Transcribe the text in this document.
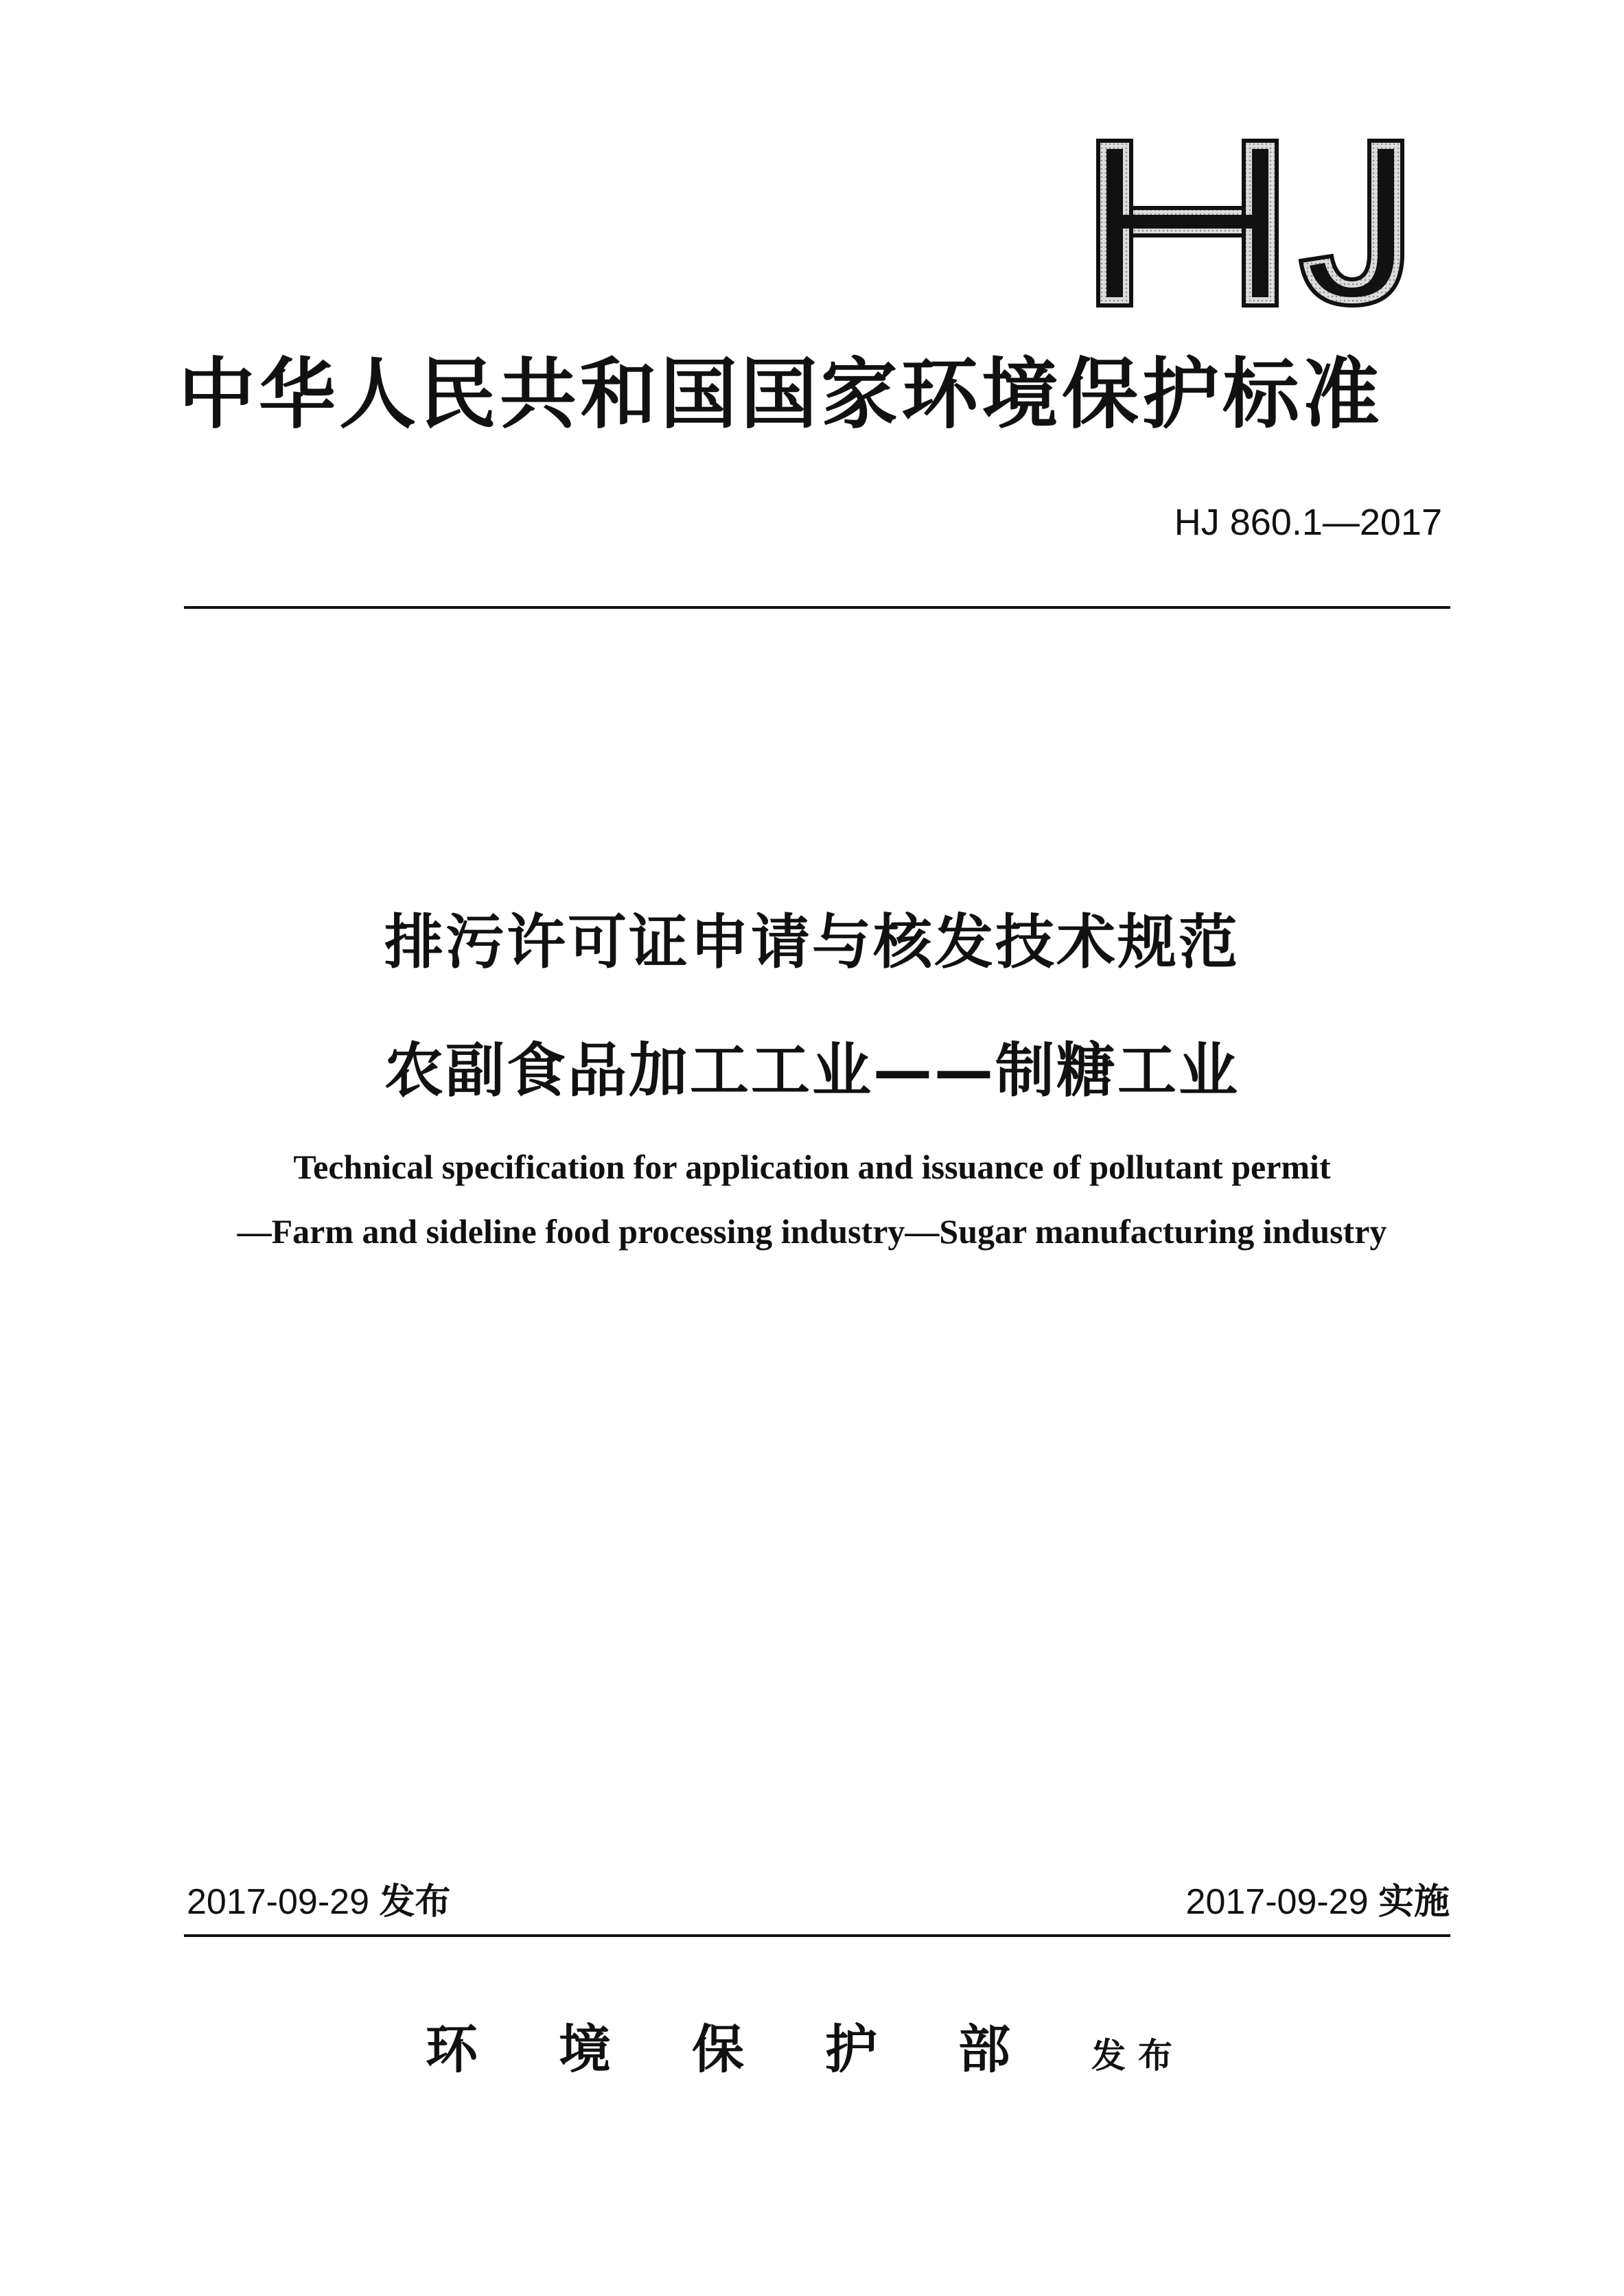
中华人民共和国国家环境保护标准
HJ 860.1—2017
排污许可证申请与核发技术规范
农副食品加工工业——制糖工业
Technical specification for application and issuance of pollutant permit
—Farm and sideline food processing industry—Sugar manufacturing industry
2017-09-29 发布	2017-09-29 实施
环境保护部发布
